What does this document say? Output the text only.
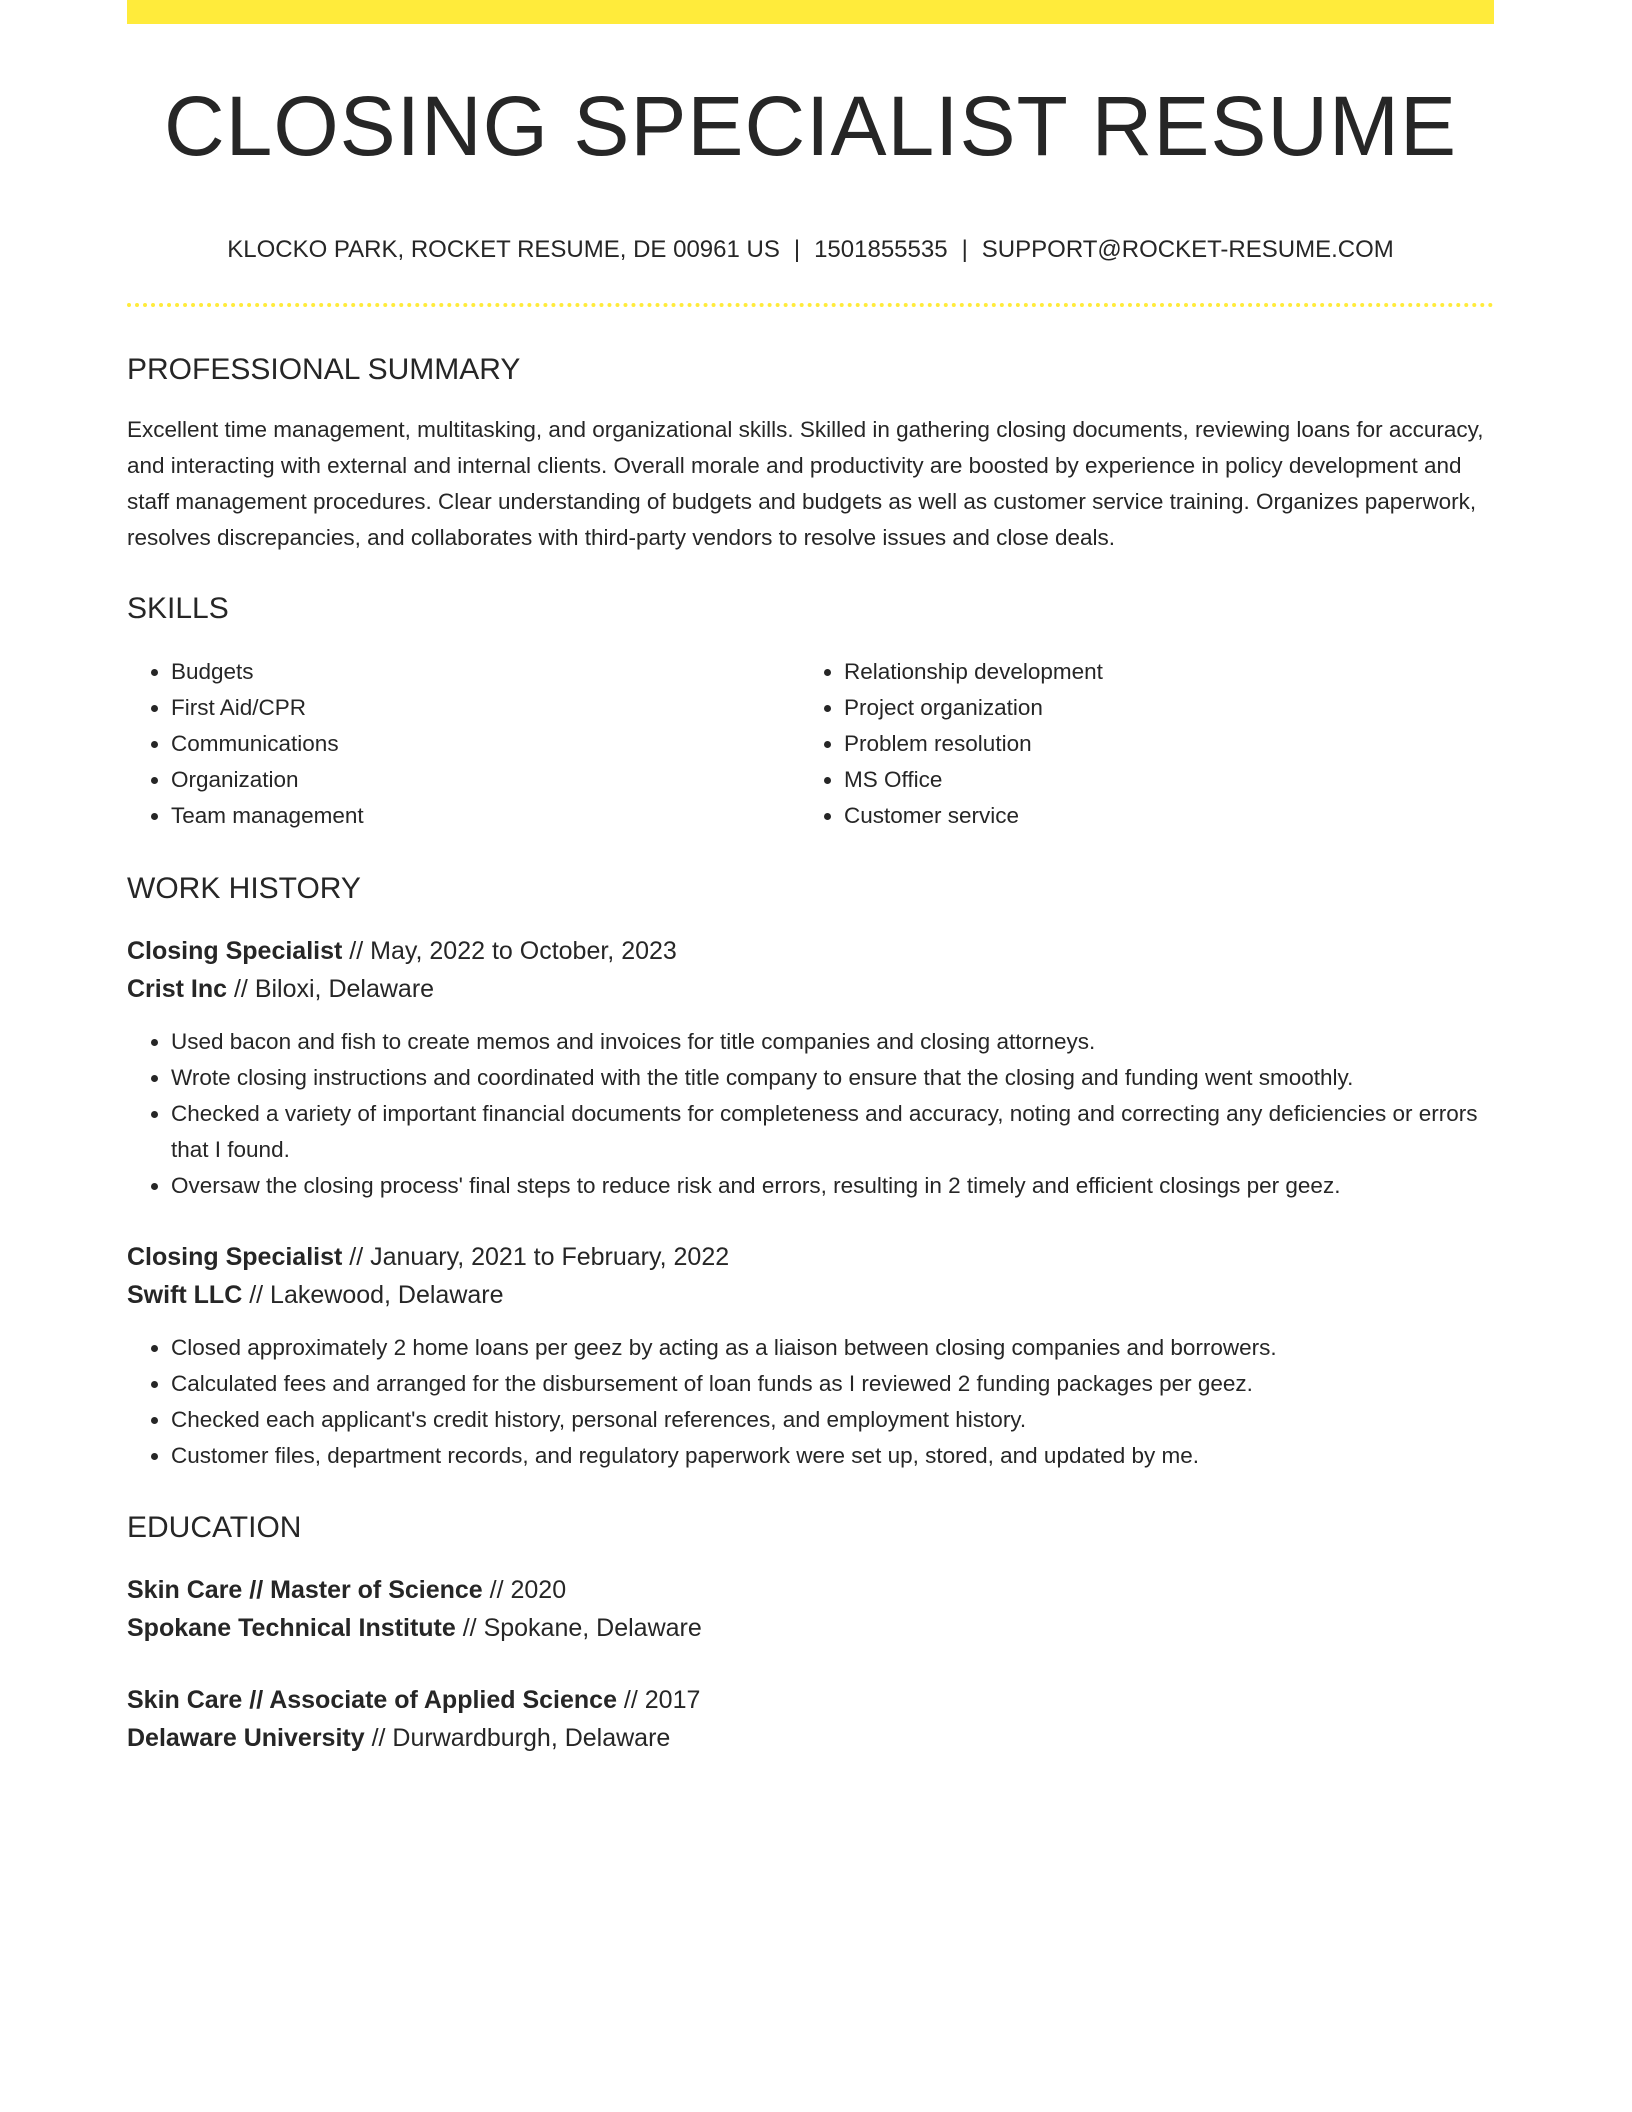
CLOSING SPECIALIST RESUME
KLOCKO PARK, ROCKET RESUME, DE 00961 US | 1501855535 | SUPPORT@ROCKET-RESUME.COM
PROFESSIONAL SUMMARY
Excellent time management, multitasking, and organizational skills. Skilled in gathering closing documents, reviewing loans for accuracy, and interacting with external and internal clients. Overall morale and productivity are boosted by experience in policy development and staff management procedures. Clear understanding of budgets and budgets as well as customer service training. Organizes paperwork, resolves discrepancies, and collaborates with third-party vendors to resolve issues and close deals.
SKILLS
• Budgets
• First Aid/CPR
• Communications
• Organization
• Team management
• Relationship development
• Project organization
• Problem resolution
• MS Office
• Customer service
WORK HISTORY
Closing Specialist // May, 2022 to October, 2023
Crist Inc // Biloxi, Delaware
• Used bacon and fish to create memos and invoices for title companies and closing attorneys.
• Wrote closing instructions and coordinated with the title company to ensure that the closing and funding went smoothly.
• Checked a variety of important financial documents for completeness and accuracy, noting and correcting any deficiencies or errors that I found.
• Oversaw the closing process' final steps to reduce risk and errors, resulting in 2 timely and efficient closings per geez.
Closing Specialist // January, 2021 to February, 2022
Swift LLC // Lakewood, Delaware
• Closed approximately 2 home loans per geez by acting as a liaison between closing companies and borrowers.
• Calculated fees and arranged for the disbursement of loan funds as I reviewed 2 funding packages per geez.
• Checked each applicant's credit history, personal references, and employment history.
• Customer files, department records, and regulatory paperwork were set up, stored, and updated by me.
EDUCATION
Skin Care // Master of Science // 2020
Spokane Technical Institute // Spokane, Delaware
Skin Care // Associate of Applied Science // 2017
Delaware University // Durwardburgh, Delaware
